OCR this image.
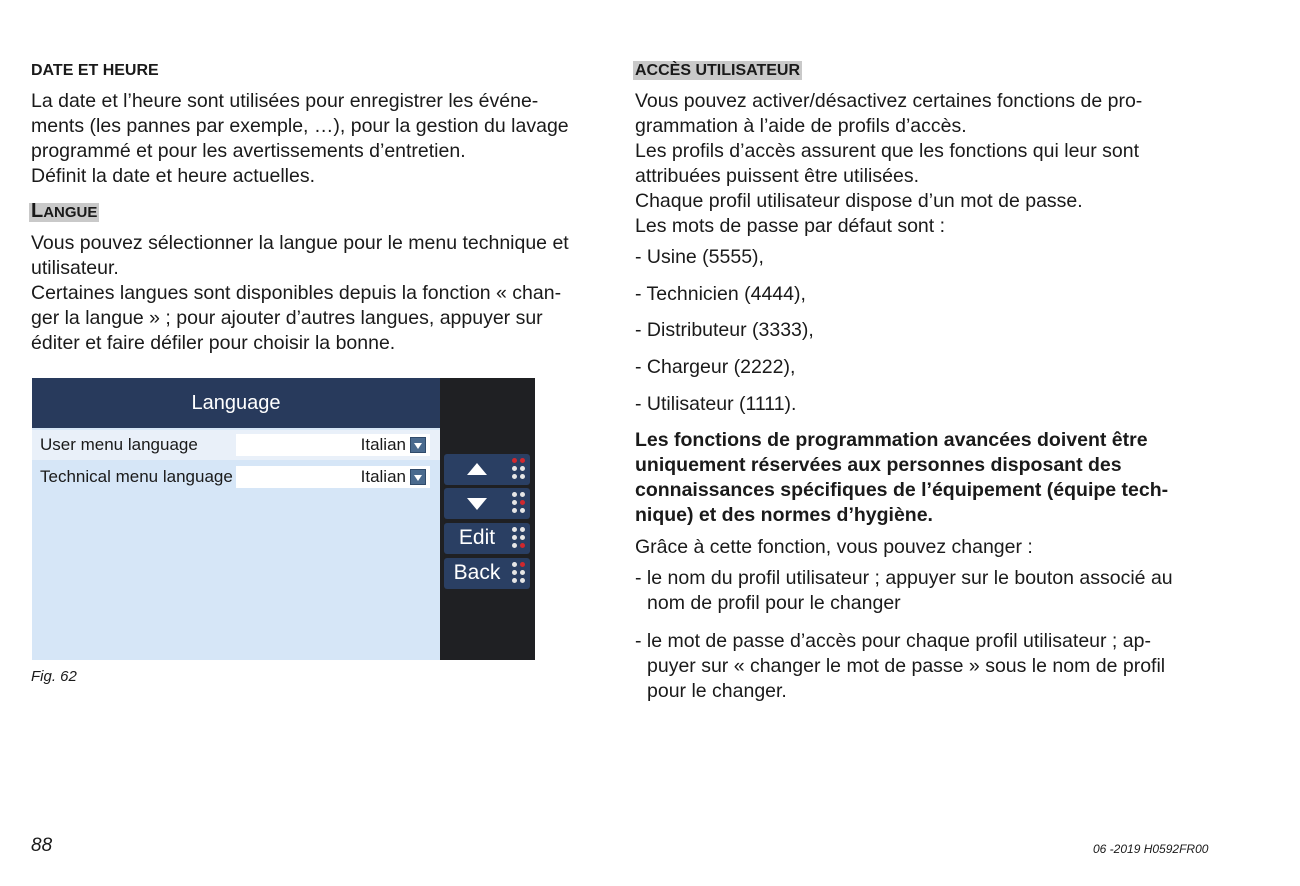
DATE ET HEURE
La date et l’heure sont utilisées pour enregistrer les événe-
ments (les pannes par exemple, …), pour la gestion du lavage
programmé et pour les avertissements d’entretien.
Définit la date et heure actuelles.
LANGUE
Vous pouvez sélectionner la langue pour le menu technique et
utilisateur.
Certaines langues sont disponibles depuis la fonction « chan-
ger la langue » ; pour ajouter d’autres langues, appuyer sur
éditer et faire défiler pour choisir la bonne.
Language
User menu language	Italian
Technical menu language	Italian
Edit
Back
Fig. 62
ACCÈS UTILISATEUR
Vous pouvez activer/désactivez certaines fonctions de pro-
grammation à l’aide de profils d’accès.
Les profils d’accès assurent que les fonctions qui leur sont
attribuées puissent être utilisées.
Chaque profil utilisateur dispose d’un mot de passe.
Les mots de passe par défaut sont :
- Usine (5555),
- Technicien (4444),
- Distributeur (3333),
- Chargeur (2222),
- Utilisateur (1111).
Les fonctions de programmation avancées doivent être
uniquement réservées aux personnes disposant des
connaissances spécifiques de l’équipement (équipe tech-
nique) et des normes d’hygiène.
Grâce à cette fonction, vous pouvez changer :
- le nom du profil utilisateur ; appuyer sur le bouton associé au
nom de profil pour le changer
- le mot de passe d’accès pour chaque profil utilisateur ; ap-
puyer sur « changer le mot de passe » sous le nom de profil
pour le changer.
88	06 -2019 H0592FR00
